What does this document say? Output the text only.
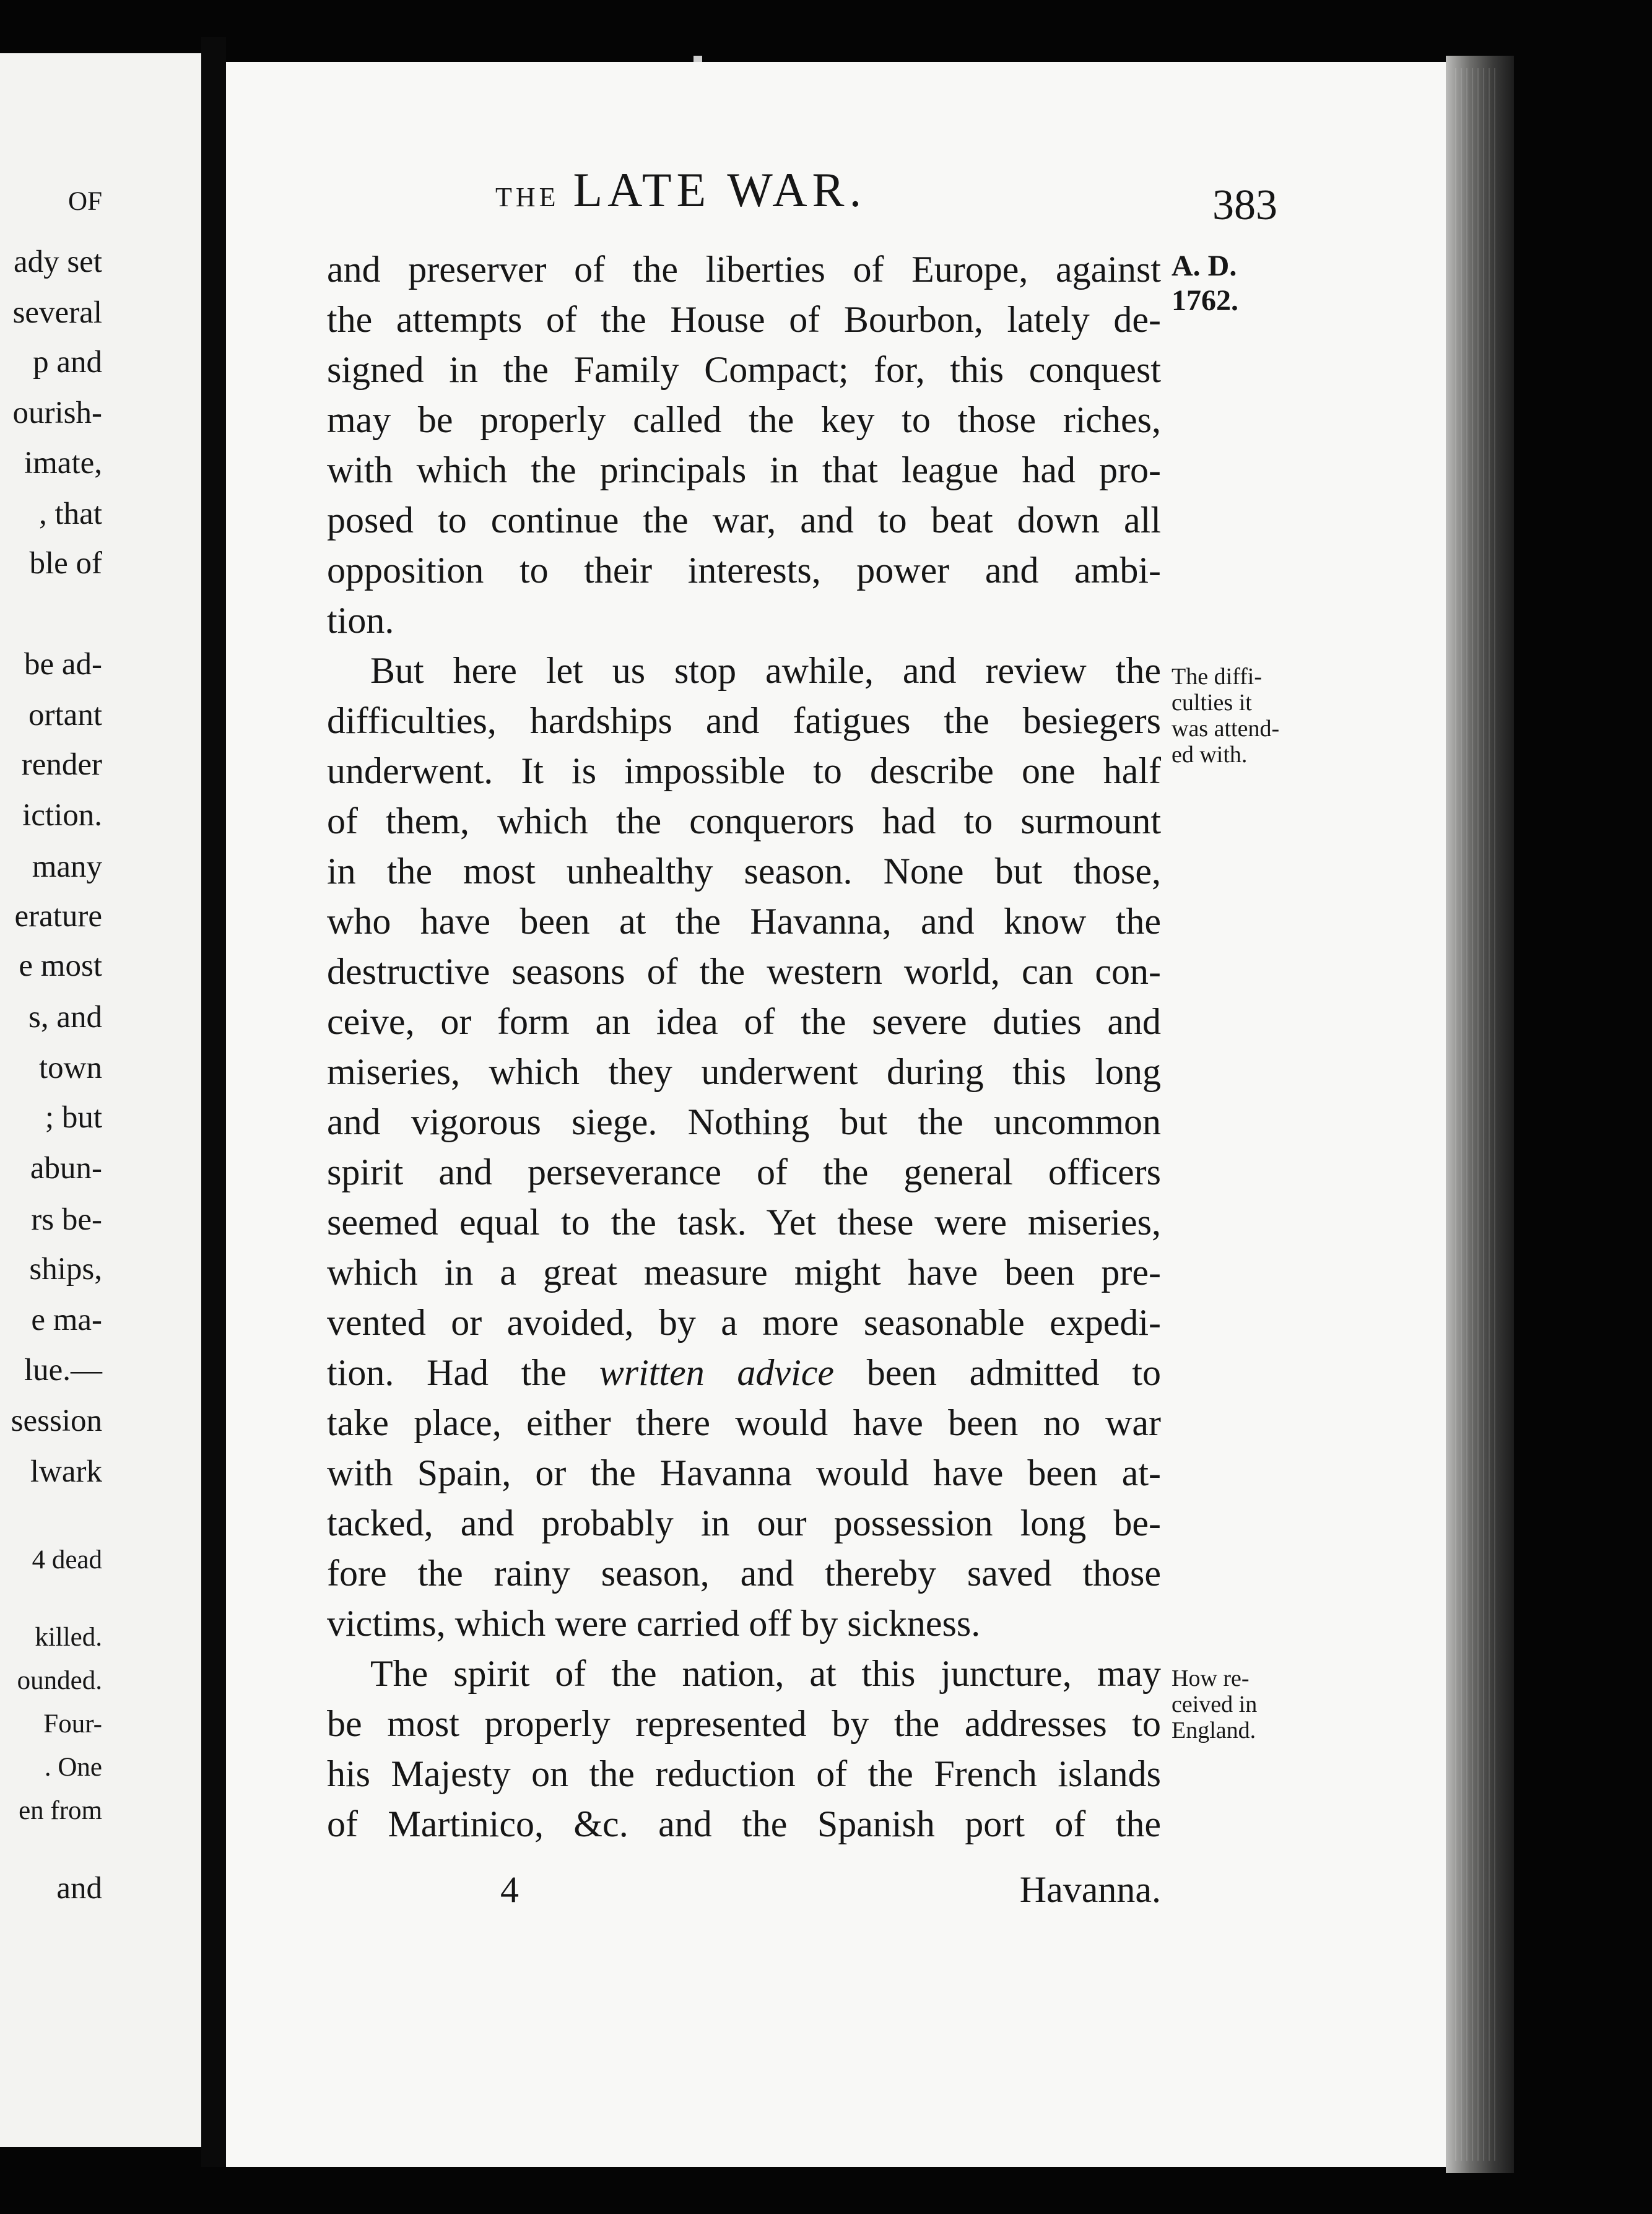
OF
ady set
several
p and
ourish-
imate,
, that
ble of
be ad-
ortant
render
iction.
many
erature
e most
s, and
town
; but
abun-
rs be-
ships,
e ma-
lue.—
session
lwark
4 dead
killed.
ounded.
Four-
. One
en from
and
THE LATE WAR.	383
and preserver of the liberties of Europe, against
the attempts of the House of Bourbon, lately de-
signed in the Family Compact; for, this conquest
may be properly called the key to those riches,
with which the principals in that league had pro-
posed to continue the war, and to beat down all
opposition to their interests, power and ambi-
tion.
But here let us stop awhile, and review the
difficulties, hardships and fatigues the besiegers
underwent. It is impossible to describe one half
of them, which the conquerors had to surmount
in the most unhealthy season. None but those,
who have been at the Havanna, and know the
destructive seasons of the western world, can con-
ceive, or form an idea of the severe duties and
miseries, which they underwent during this long
and vigorous siege. Nothing but the uncommon
spirit and perseverance of the general officers
seemed equal to the task. Yet these were miseries,
which in a great measure might have been pre-
vented or avoided, by a more seasonable expedi-
tion. Had the written advice been admitted to
take place, either there would have been no war
with Spain, or the Havanna would have been at-
tacked, and probably in our possession long be-
fore the rainy season, and thereby saved those
victims, which were carried off by sickness.
The spirit of the nation, at this juncture, may
be most properly represented by the addresses to
his Majesty on the reduction of the French islands
of Martinico, &c. and the Spanish port of the
4	Havanna.
A. D.
1762.
The diffi-
culties it
was attend-
ed with.
How re-
ceived in
England.
